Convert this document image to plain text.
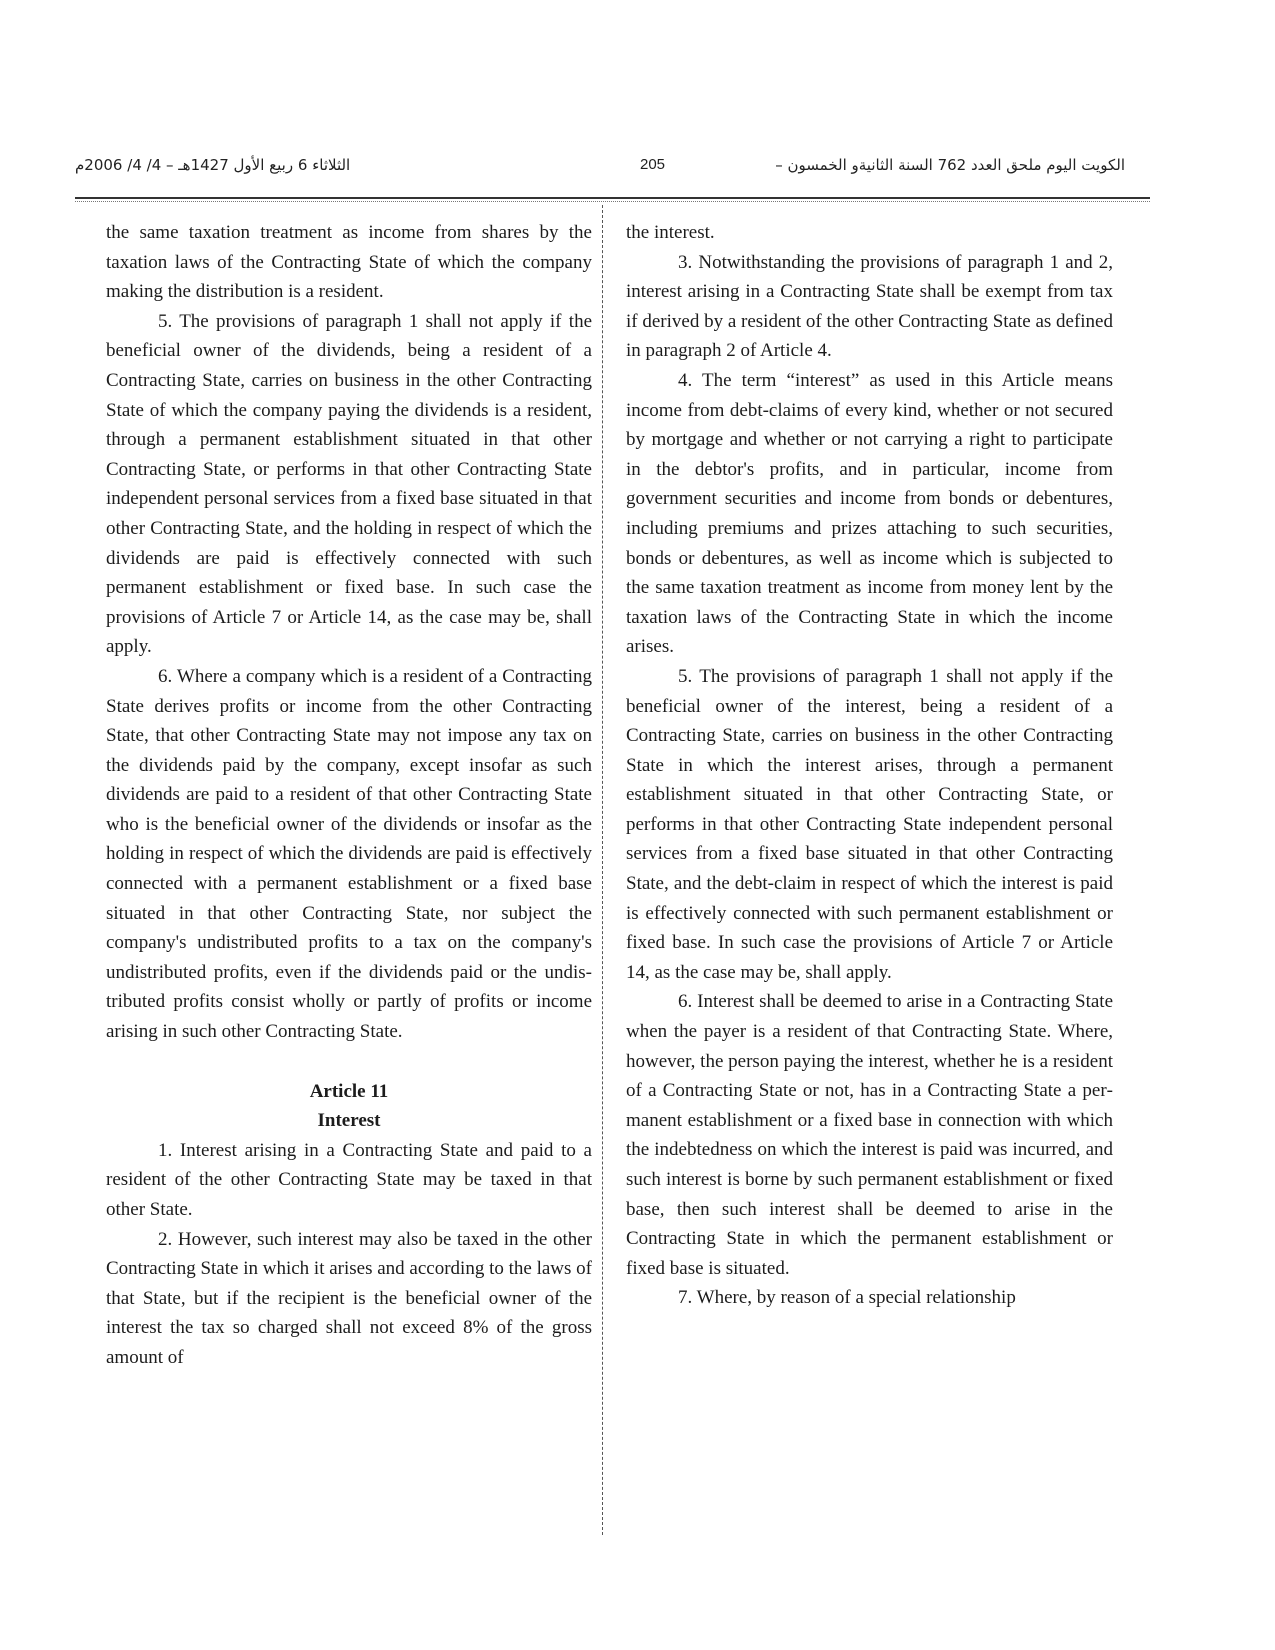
الكويت اليوم ملحق العدد 762 السنة الثانيةو الخمسون –
205
الثلاثاء 6 ربيع الأول 1427هـ – 4/ 4/ 2006م

the same taxation treatment as income from shares by the taxation laws of the Contracting State of which the company making the distribution is a resident.

5. The provisions of paragraph 1 shall not apply if the beneficial owner of the dividends, being a resident of a Contracting State, carries on business in the other Contracting State of which the company paying the dividends is a resident, through a permanent establishment situated in that other Contracting State, or performs in that other Contracting State independent personal services from a fixed base situated in that other Contracting State, and the holding in respect of which the dividends are paid is effectively connected with such permanent establishment or fixed base. In such case the provisions of Article 7 or Article 14, as the case may be, shall apply.

6. Where a company which is a resident of a Contracting State derives profits or income from the other Contracting State, that other Contracting State may not impose any tax on the dividends paid by the company, except insofar as such dividends are paid to a resident of that other Contracting State who is the beneficial owner of the dividends or insofar as the holding in respect of which the dividends are paid is effectively connected with a permanent establishment or a fixed base situated in that other Contracting State, nor subject the company's undistributed profits to a tax on the company's undistributed profits, even if the dividends paid or the undistributed profits consist wholly or partly of profits or income arising in such other Contracting State.

Article 11

Interest

1. Interest arising in a Contracting State and paid to a resident of the other Contracting State may be taxed in that other State.

2. However, such interest may also be taxed in the other Contracting State in which it arises and according to the laws of that State, but if the recipient is the beneficial owner of the interest the tax so charged shall not exceed 8% of the gross amount of

the interest.

3. Notwithstanding the provisions of paragraph 1 and 2, interest arising in a Contracting State shall be exempt from tax if derived by a resident of the other Contracting State as defined in paragraph 2 of Article 4.

4. The term “interest” as used in this Article means income from debt-claims of every kind, whether or not secured by mortgage and whether or not carrying a right to participate in the debtor's profits, and in particular, income from government securities and income from bonds or debentures, including premiums and prizes attaching to such securities, bonds or debentures, as well as income which is subjected to the same taxation treatment as income from money lent by the taxation laws of the Contracting State in which the income arises.

5. The provisions of paragraph 1 shall not apply if the beneficial owner of the interest, being a resident of a Contracting State, carries on business in the other Contracting State in which the interest arises, through a permanent establishment situated in that other Contracting State, or performs in that other Contracting State independent personal services from a fixed base situated in that other Contracting State, and the debt-claim in respect of which the interest is paid is effectively connected with such permanent establishment or fixed base. In such case the provisions of Article 7 or Article 14, as the case may be, shall apply.

6. Interest shall be deemed to arise in a Contracting State when the payer is a resident of that Contracting State. Where, however, the person paying the interest, whether he is a resident of a Contracting State or not, has in a Contracting State a permanent establishment or a fixed base in connection with which the indebtedness on which the interest is paid was incurred, and such interest is borne by such permanent establishment or fixed base, then such interest shall be deemed to arise in the Contracting State in which the permanent establishment or fixed base is situated.

7. Where, by reason of a special relationship
